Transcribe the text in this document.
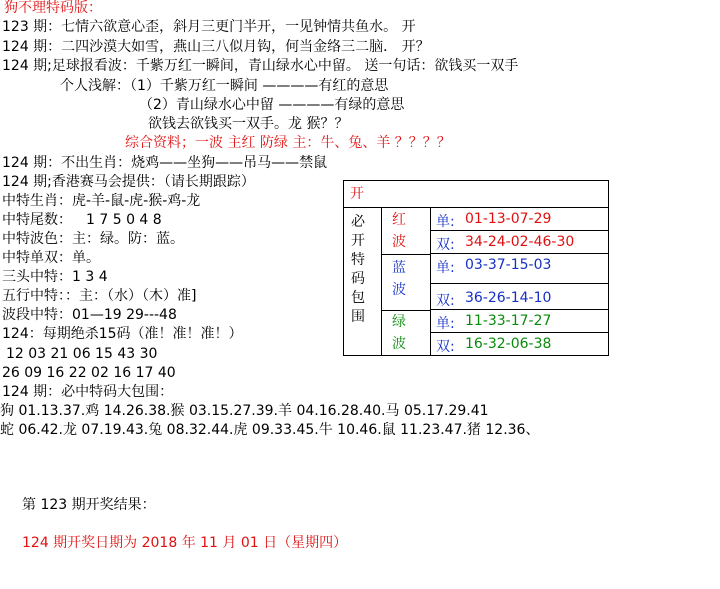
狗不理特码版：
123 期：七情六欲意心歪，斜月三更门半开，一见钟情共鱼水。 开
124 期：二四沙漠大如雪，燕山三八似月钩，何当金络三二脑． 开？
124 期;足球报看波：千紫万红一瞬间，青山绿水心中留。 送一句话：欲钱买一双手
个人浅解：（1）千紫万红一瞬间 ————有红的意思
（2）青山绿水心中留 ————有绿的意思
欲钱去欲钱买一双手。龙 猴？？
综合资料；一波 主红 防绿 主：牛、兔、羊 ？？？？
124 期：不出生肖：烧鸡——坐狗——吊马——禁鼠
124 期;香港赛马会提供：（请长期跟踪）
中特生肖：虎-羊-鼠-虎-猴-鸡-龙
中特尾数： 1 7 5 0 4 8
中特波色：主：绿。防：蓝。
中特单双：单。
三头中特：1 3 4
五行中特：：主：（水）（木）准]
波段中特：01—19 29---48
124：每期绝杀15码（准！准！准！）
12 03 21 06 15 43 30
26 09 16 22 02 16 17 40
124 期：必中特码大包围：
狗 01.13.37.鸡 14.26.38.猴 03.15.27.39.羊 04.16.28.40.马 05.17.29.41
蛇 06.42.龙 07.19.43.兔 08.32.44.虎 09.33.45.牛 10.46.鼠 11.23.47.猪 12.36、
第 123 期开奖结果：
124 期开奖日期为 2018 年 11 月 01 日（星期四）
开
必
开
特
码
包
围
红
波
单: 01-13-07-29
双: 34-24-02-46-30
蓝
波
单: 03-37-15-03
双: 36-26-14-10
绿
波
单: 11-33-17-27
双: 16-32-06-38
